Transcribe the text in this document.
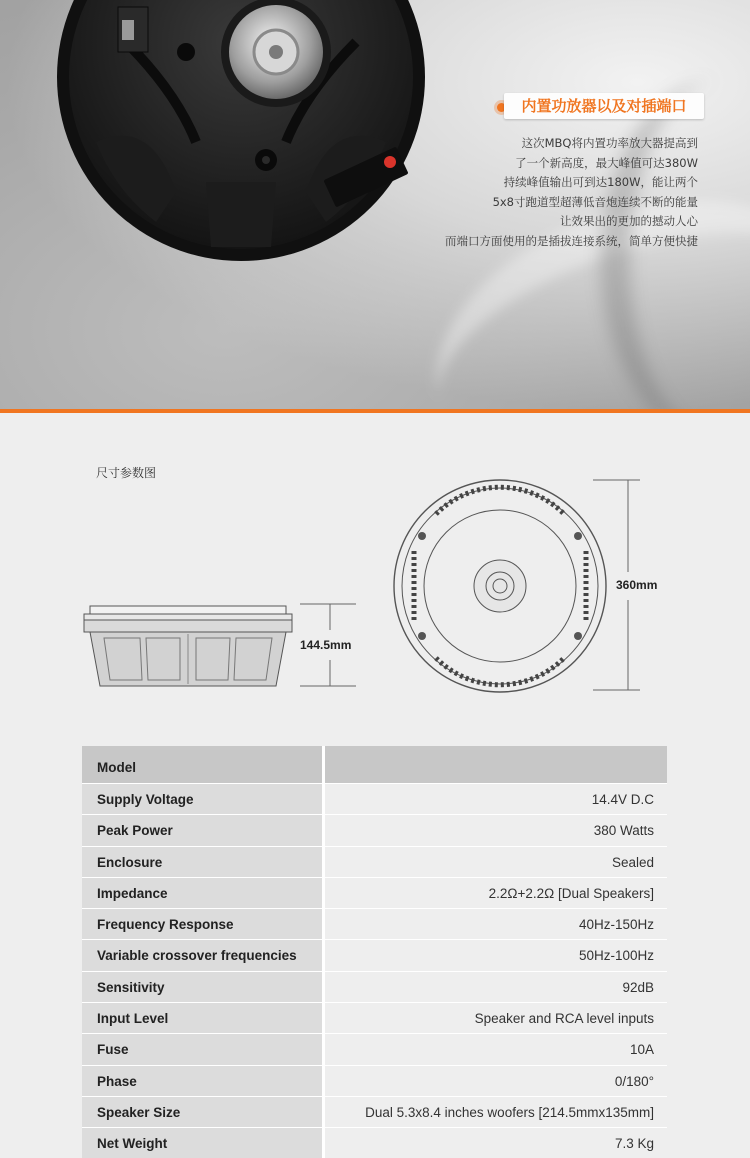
内置功放器以及对插端口
这次MBQ将内置功率放大器提高到
了一个新高度，最大峰值可达380W
持续峰值输出可到达180W，能让两个
5x8寸跑道型超薄低音炮连续不断的能量
让效果出的更加的撼动人心
而端口方面使用的是插拔连接系统，简单方便快捷
尺寸参数图
144.5mm
360mm
Model
Supply Voltage	14.4V D.C
Peak Power	380 Watts
Enclosure	Sealed
Impedance	2.2Ω+2.2Ω [Dual Speakers]
Frequency Response	40Hz-150Hz
Variable crossover frequencies	50Hz-100Hz
Sensitivity	92dB
Input Level	Speaker and RCA level inputs
Fuse	10A
Phase	0/180°
Speaker Size	Dual 5.3x8.4 inches woofers [214.5mmx135mm]
Net Weight	7.3 Kg
